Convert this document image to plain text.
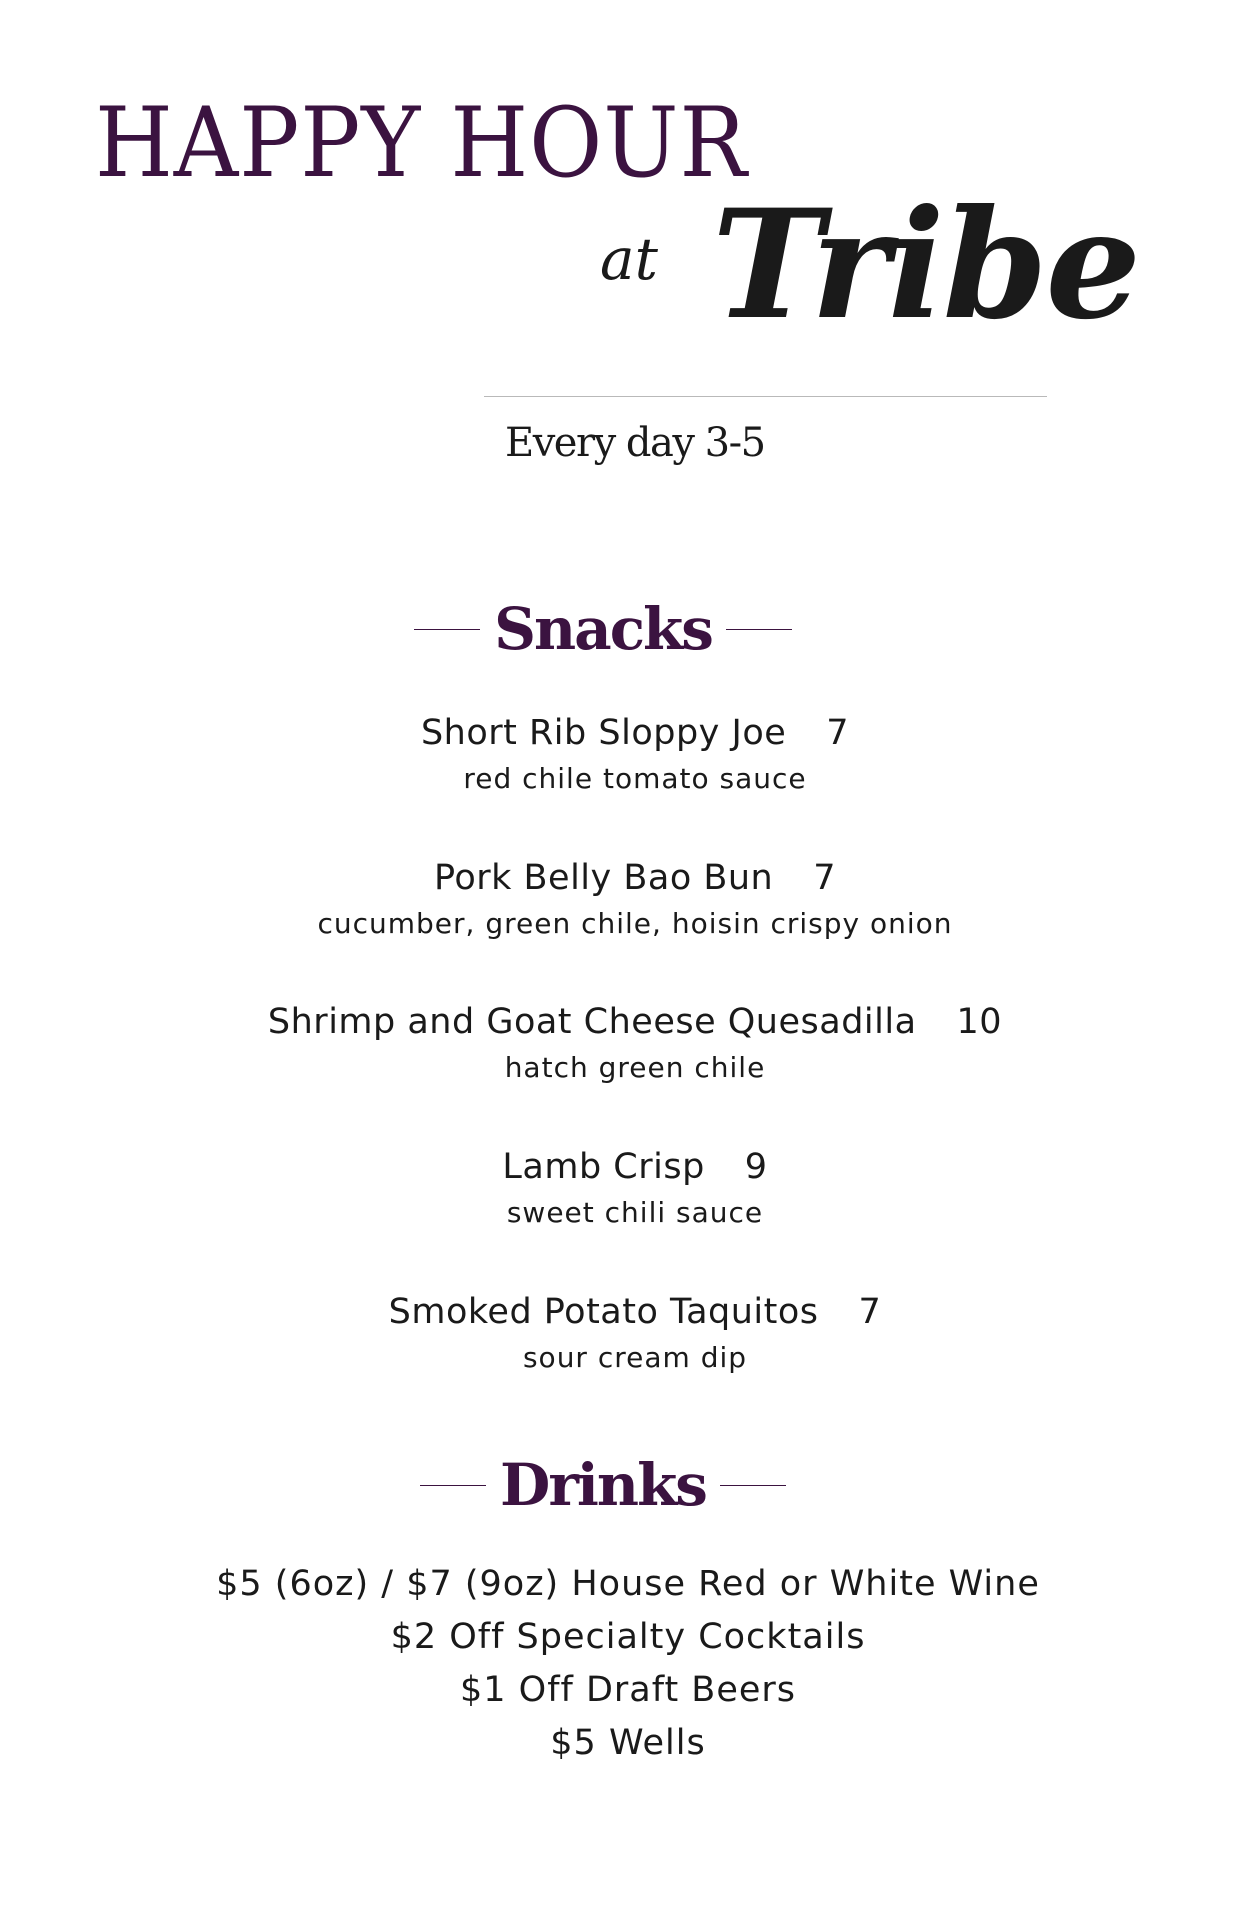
HAPPY HOUR
at Tribe
Every day 3-5
Snacks
Short Rib Sloppy Joe 7
red chile tomato sauce
Pork Belly Bao Bun 7
cucumber, green chile, hoisin crispy onion
Shrimp and Goat Cheese Quesadilla 10
hatch green chile
Lamb Crisp 9
sweet chili sauce
Smoked Potato Taquitos 7
sour cream dip
Drinks
$5 (6oz) / $7 (9oz) House Red or White Wine
$2 Off Specialty Cocktails
$1 Off Draft Beers
$5 Wells
